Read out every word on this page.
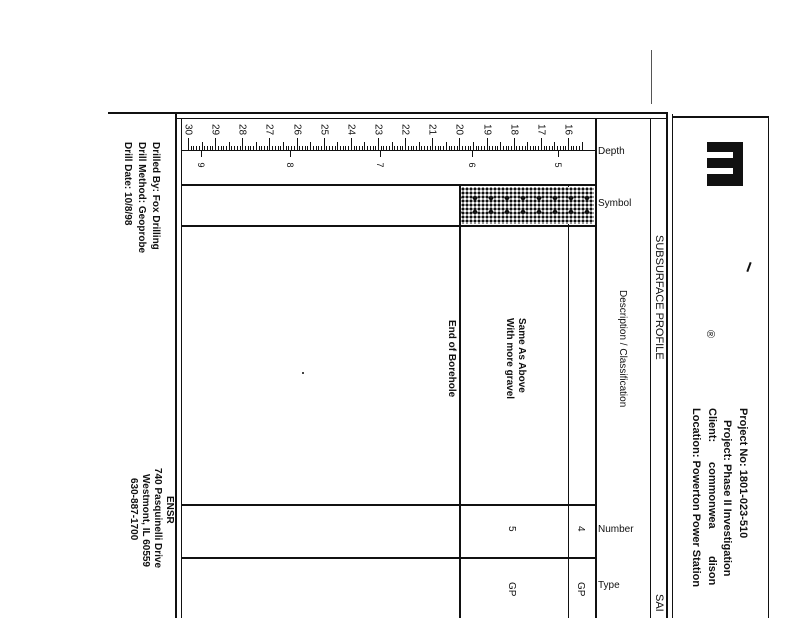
16
17
18
19
20
21
22
23
24
25
26
27
28
29
30
5
6
7
8
9
Project No: 1801-023-510
Project: Phase II Investigation
Client:
commonwea
dison
Location: Powerton Power Station
®
SUBSURFACE PROFILE
SAI
Depth
Symbol
Description / Classification
Number
Type
Same As Above
With more gravel
5
GP
4
GP
End of Borehole
Drilled By: Fox Drilling
Drill Method: Geoprobe
Drill Date: 10/8/98
ENSR
740 Pasquinelli Drive
Westmont, IL 60559
630-887-1700
